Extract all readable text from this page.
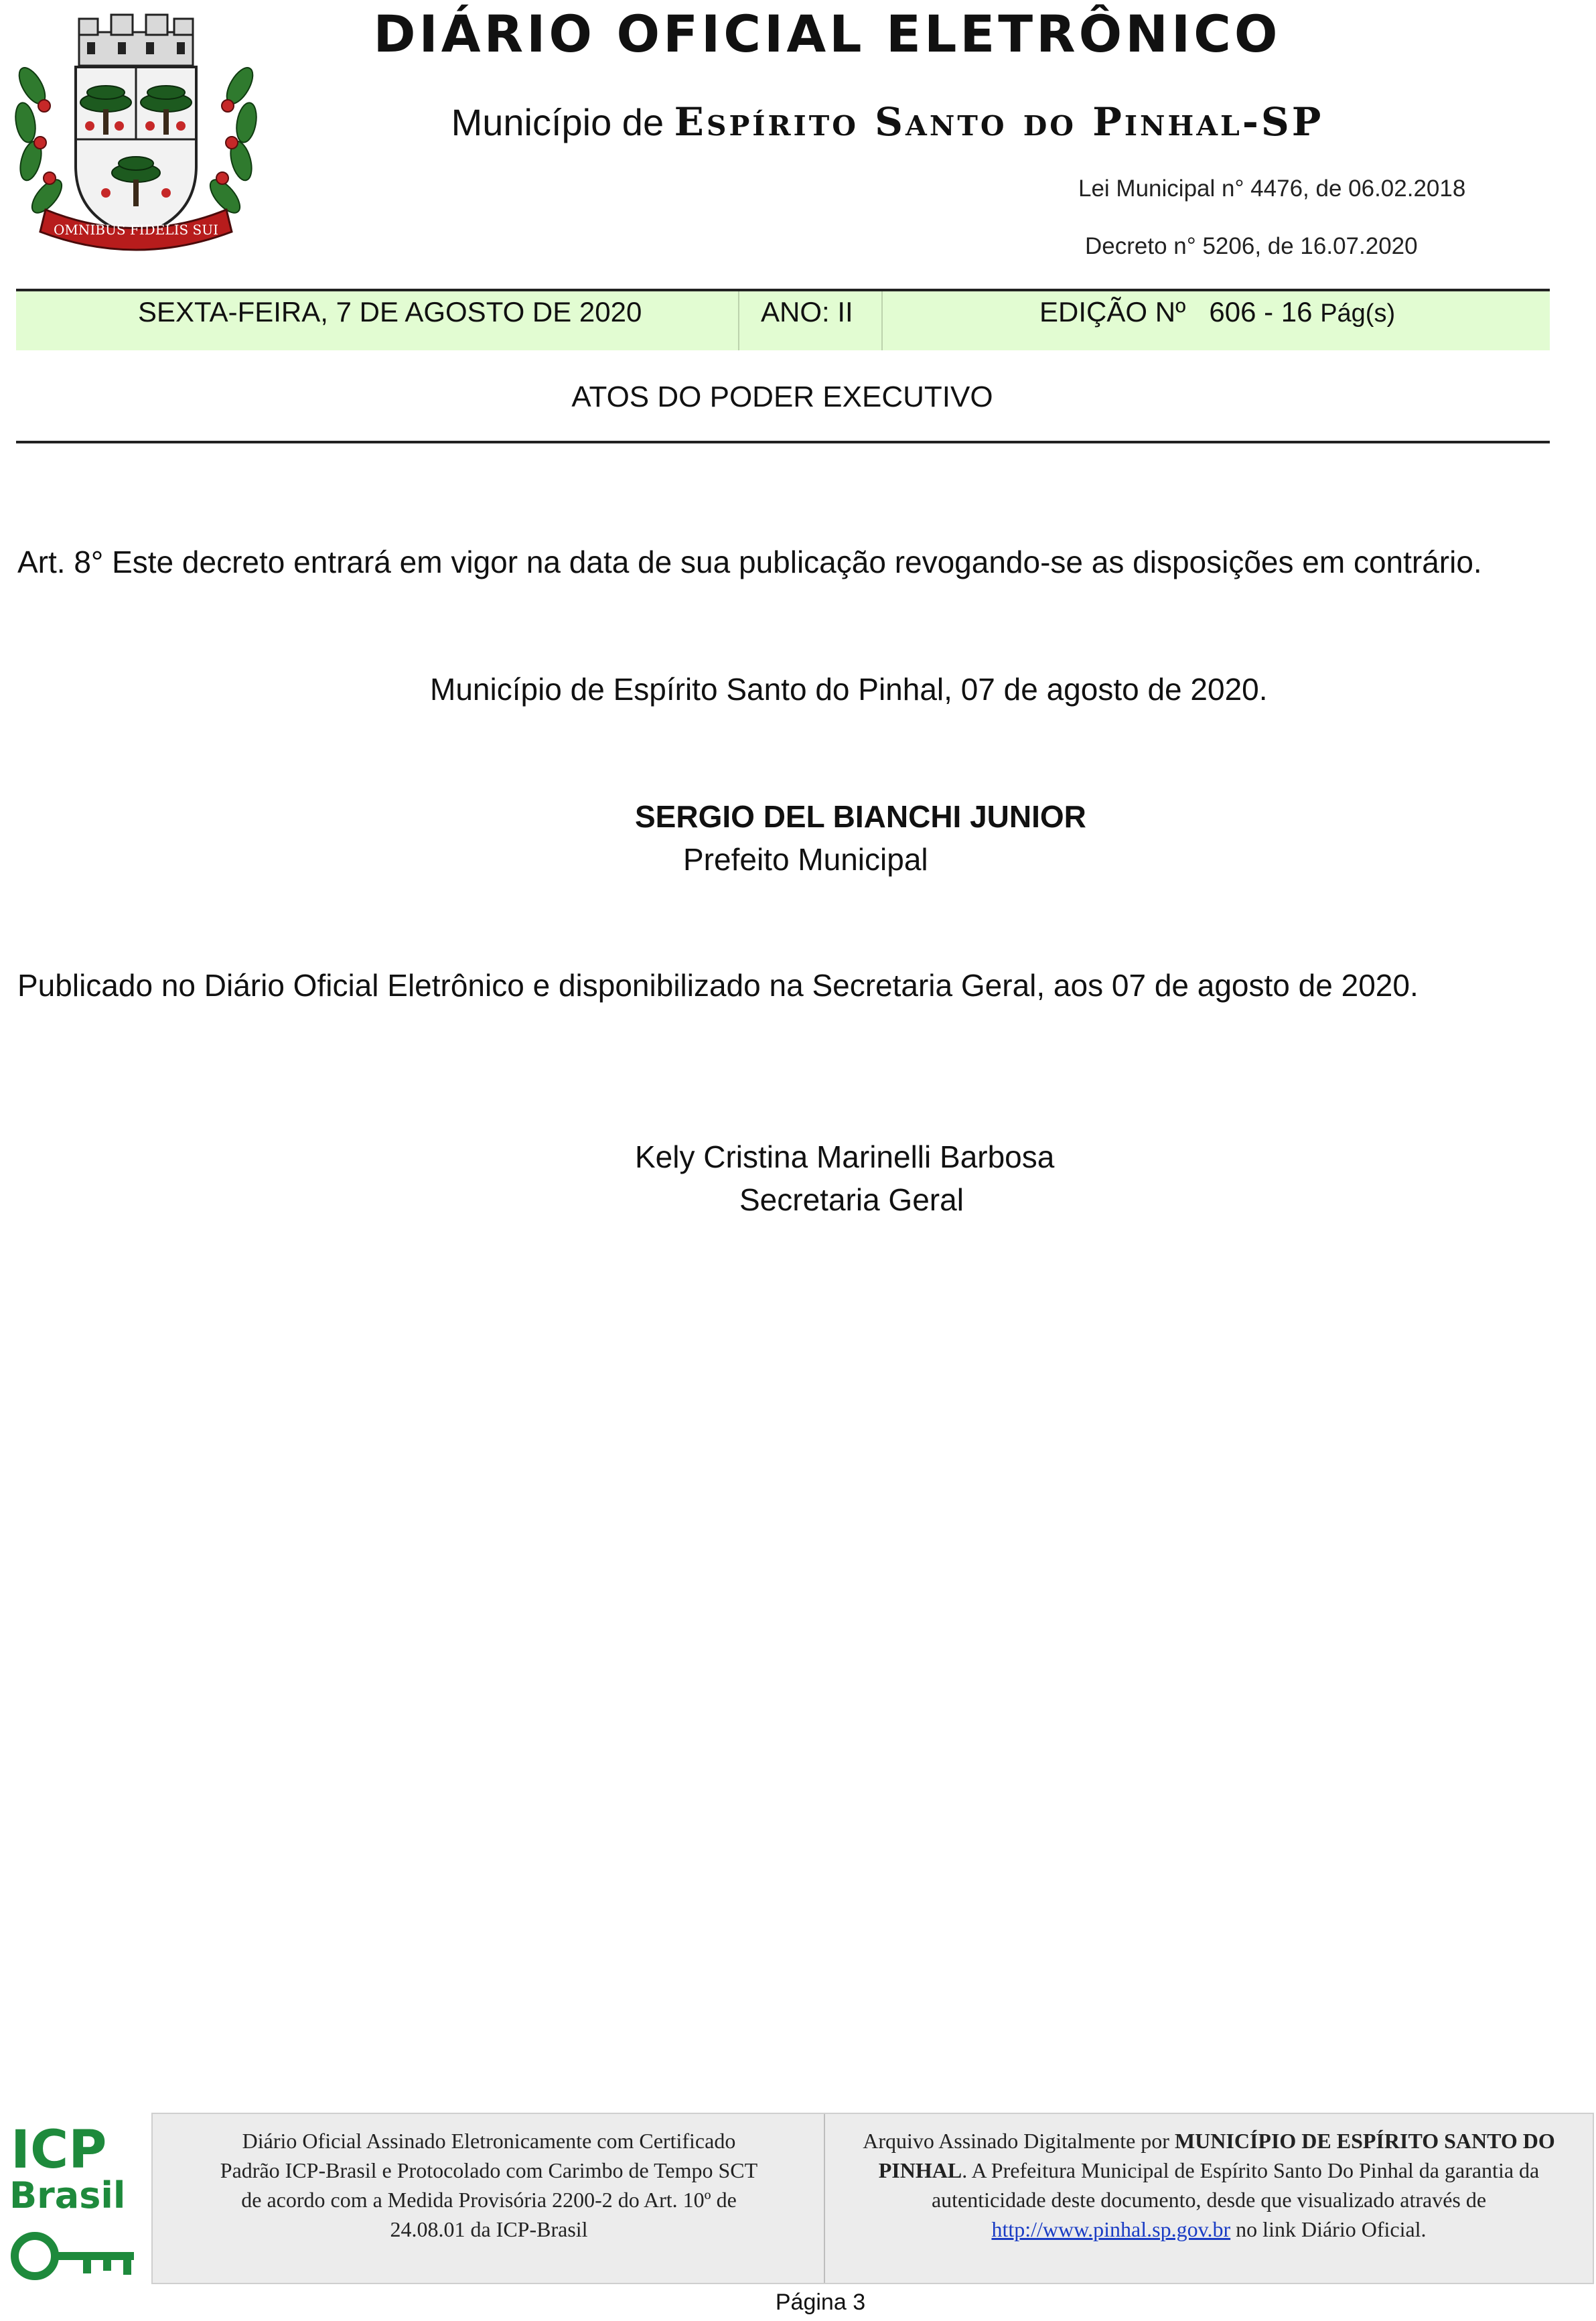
OMNIBUS FIDELIS SUI
DIÁRIO OFICIAL ELETRÔNICO
Município de Espírito Santo do Pinhal-SP
Lei Municipal n° 4476, de 06.02.2018
Decreto n° 5206, de 16.07.2020
SEXTA-FEIRA, 7 DE AGOSTO DE 2020	ANO: II	EDIÇÃO Nº 606 - 16 Pág(s)
ATOS DO PODER EXECUTIVO
Art. 8° Este decreto entrará em vigor na data de sua publicação revogando-se as disposições em contrário.
Município de Espírito Santo do Pinhal, 07 de agosto de 2020.
SERGIO DEL BIANCHI JUNIOR
Prefeito Municipal
Publicado no Diário Oficial Eletrônico e disponibilizado na Secretaria Geral, aos 07 de agosto de 2020.
Kely Cristina Marinelli Barbosa
Secretaria Geral
ICP
Brasil
Diário Oficial Assinado Eletronicamente com Certificado
Padrão ICP-Brasil e Protocolado com Carimbo de Tempo SCT
de acordo com a Medida Provisória 2200-2 do Art. 10º de
24.08.01 da ICP-Brasil
Arquivo Assinado Digitalmente por MUNICÍPIO DE ESPÍRITO SANTO DO PINHAL. A Prefeitura Municipal de Espírito Santo Do Pinhal da garantia da autenticidade deste documento, desde que visualizado através de http://www.pinhal.sp.gov.br no link Diário Oficial.
Página 3
